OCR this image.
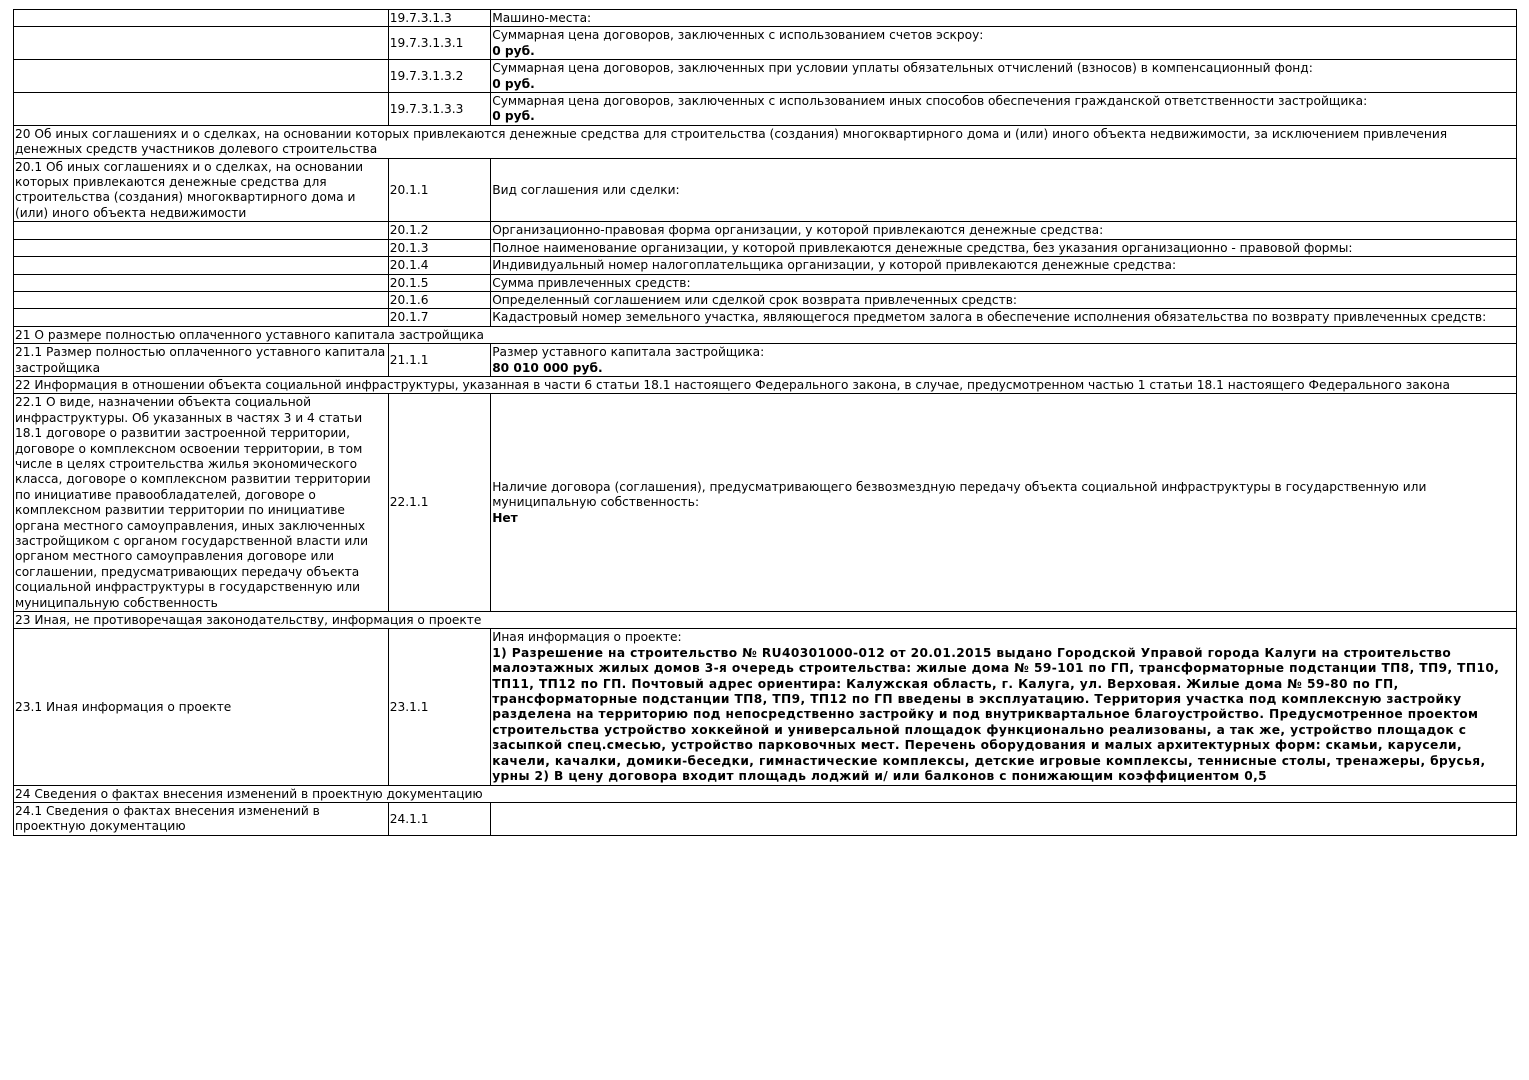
	19.7.3.1.3	Машино-места:

	19.7.3.1.3.1	Суммарная цена договоров, заключенных с использованием счетов эскроу:
0 руб.

	19.7.3.1.3.2	Суммарная цена договоров, заключенных при условии уплаты обязательных отчислений (взносов) в компенсационный фонд:
0 руб.

	19.7.3.1.3.3	Суммарная цена договоров, заключенных с использованием иных способов обеспечения гражданской ответственности застройщика:
0 руб.

20 Об иных соглашениях и о сделках, на основании которых привлекаются денежные средства для строительства (создания) многоквартирного дома и (или) иного объекта недвижимости, за исключением привлечения денежных средств участников долевого строительства		
20.1 Об иных соглашениях и о сделках, на основании которых привлекаются денежные средства для строительства (создания) многоквартирного дома и (или) иного объекта недвижимости	20.1.1	Вид соглашения или сделки:

	20.1.2	Организационно-правовая форма организации, у которой привлекаются денежные средства:

	20.1.3	Полное наименование организации, у которой привлекаются денежные средства, без указания организационно - правовой формы:

	20.1.4	Индивидуальный номер налогоплательщика организации, у которой привлекаются денежные средства:

	20.1.5	Сумма привлеченных средств:

	20.1.6	Определенный соглашением или сделкой срок возврата привлеченных средств:

	20.1.7	Кадастровый номер земельного участка, являющегося предметом залога в обеспечение исполнения обязательства по возврату привлеченных средств:

21 О размере полностью оплаченного уставного капитала застройщика		
21.1 Размер полностью оплаченного уставного капитала застройщика	21.1.1	Размер уставного капитала застройщика:
80 010 000 руб.

22 Информация в отношении объекта социальной инфраструктуры, указанная в части 6 статьи 18.1 настоящего Федерального закона, в случае, предусмотренном частью 1 статьи 18.1 настоящего Федерального закона		
22.1 О виде, назначении объекта социальной инфраструктуры. Об указанных в частях 3 и 4 статьи 18.1 договоре о развитии застроенной территории, договоре о комплексном освоении территории, в том числе в целях строительства жилья экономического класса, договоре о комплексном развитии территории по инициативе правообладателей, договоре о комплексном развитии территории по инициативе органа местного самоуправления, иных заключенных застройщиком с органом государственной власти или органом местного самоуправления договоре или соглашении, предусматривающих передачу объекта социальной инфраструктуры в государственную или муниципальную собственность	22.1.1	Наличие договора (соглашения), предусматривающего безвозмездную передачу объекта социальной инфраструктуры в государственную или муниципальную собственность:
Нет

23 Иная, не противоречащая законодательству, информация о проекте		
23.1 Иная информация о проекте	23.1.1	Иная информация о проекте:
1) Разрешение на строительство № RU40301000-012 от 20.01.2015 выдано Городской Управой города Калуги на строительство малоэтажных жилых домов 3-я очередь строительства: жилые дома № 59-101 по ГП, трансформаторные подстанции ТП8, ТП9, ТП10, ТП11, ТП12 по ГП. Почтовый адрес ориентира: Калужская область, г. Калуга, ул. Верховая. Жилые дома № 59-80 по ГП, трансформаторные подстанции ТП8, ТП9, ТП12 по ГП введены в эксплуатацию. Территория участка под комплексную застройку разделена на территорию под непосредственно застройку и под внутриквартальное благоустройство. Предусмотренное проектом строительства устройство хоккейной и универсальной площадок функционально реализованы, а так же, устройство площадок с засыпкой спец.смесью, устройство парковочных мест. Перечень оборудования и малых архитектурных форм: скамьи, карусели, качели, качалки, домики-беседки, гимнастические комплексы, детские игровые комплексы, теннисные столы, тренажеры, брусья, урны 2) В цену договора входит площадь лоджий и/ или балконов с понижающим коэффициентом 0,5

24 Сведения о фактах внесения изменений в проектную документацию		
24.1 Сведения о фактах внесения изменений в проектную документацию	24.1.1	
